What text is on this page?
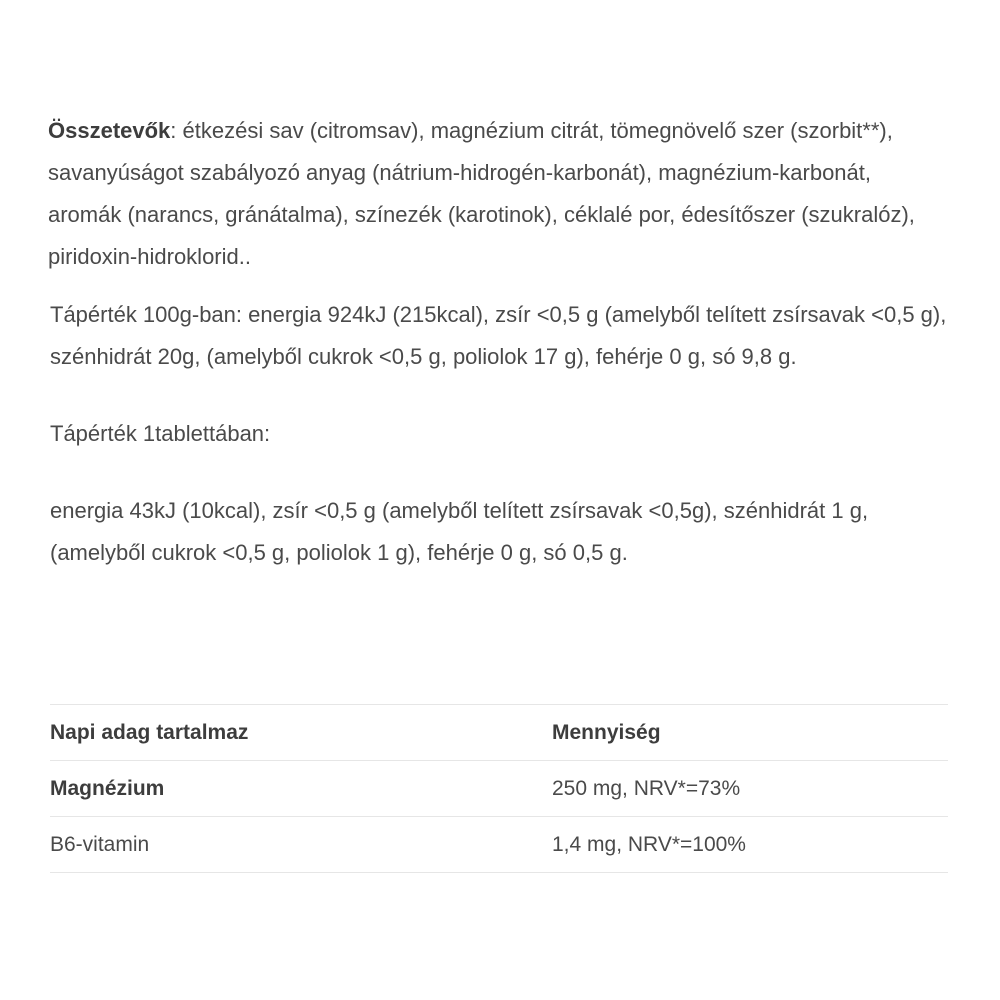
Összetevők: étkezési sav (citromsav), magnézium citrát, tömegnövelő szer (szorbit**), savanyúságot szabályozó anyag (nátrium-hidrogén-karbonát), magnézium-karbonát, aromák (narancs, gránátalma), színezék (karotinok), céklalé por, édesítőszer (szukralóz), piridoxin-hidroklorid..

Tápérték 100g-ban: energia 924kJ (215kcal), zsír <0,5 g (amelyből telített zsírsavak <0,5 g), szénhidrát 20g, (amelyből cukrok <0,5 g, poliolok 17 g), fehérje 0 g, só 9,8 g.

Tápérték 1tablettában:

energia 43kJ (10kcal), zsír <0,5 g (amelyből telített zsírsavak <0,5g), szénhidrát 1 g, (amelyből cukrok <0,5 g, poliolok 1 g), fehérje 0 g, só 0,5 g.

Napi adag tartalmaz	Mennyiség
Magnézium	250 mg, NRV*=73%
B6-vitamin	1,4 mg, NRV*=100%
